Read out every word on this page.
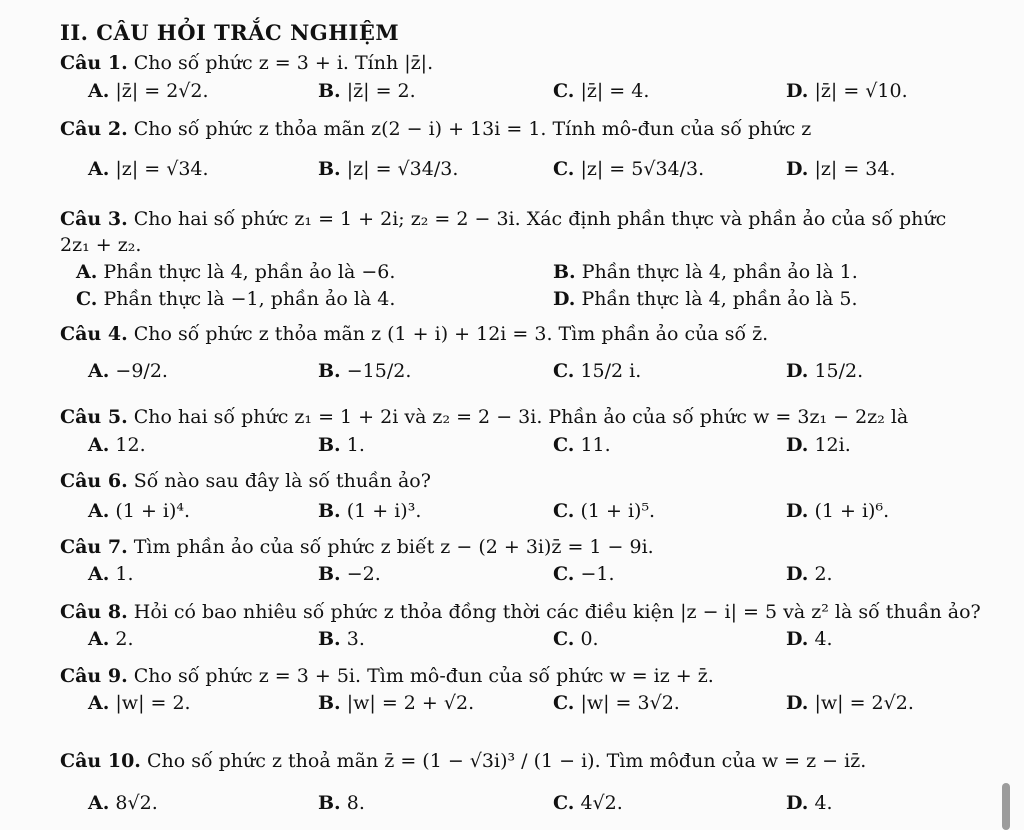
II. CÂU HỎI TRẮC NGHIỆM
Câu 1. Cho số phức z = 3 + i. Tính |z̄|.
A. |z̄| = 2√2.	B. |z̄| = 2.	C. |z̄| = 4.	D. |z̄| = √10.
Câu 2. Cho số phức z thỏa mãn z(2 − i) + 13i = 1. Tính mô-đun của số phức z
A. |z| = √34.	B. |z| = √34/3.	C. |z| = 5√34/3.	D. |z| = 34.
Câu 3. Cho hai số phức z₁ = 1 + 2i; z₂ = 2 − 3i. Xác định phần thực và phần ảo của số phức
2z₁ + z₂.
A. Phần thực là 4, phần ảo là −6.	B. Phần thực là 4, phần ảo là 1.
C. Phần thực là −1, phần ảo là 4.	D. Phần thực là 4, phần ảo là 5.
Câu 4. Cho số phức z thỏa mãn z (1 + i) + 12i = 3. Tìm phần ảo của số z̄.
A. −9/2.	B. −15/2.	C. 15/2 i.	D. 15/2.
Câu 5. Cho hai số phức z₁ = 1 + 2i và z₂ = 2 − 3i. Phần ảo của số phức w = 3z₁ − 2z₂ là
A. 12.	B. 1.	C. 11.	D. 12i.
Câu 6. Số nào sau đây là số thuần ảo?
A. (1 + i)⁴.	B. (1 + i)³.	C. (1 + i)⁵.	D. (1 + i)⁶.
Câu 7. Tìm phần ảo của số phức z biết z − (2 + 3i)z̄ = 1 − 9i.
A. 1.	B. −2.	C. −1.	D. 2.
Câu 8. Hỏi có bao nhiêu số phức z thỏa đồng thời các điều kiện |z − i| = 5 và z² là số thuần ảo?
A. 2.	B. 3.	C. 0.	D. 4.
Câu 9. Cho số phức z = 3 + 5i. Tìm mô-đun của số phức w = iz + z̄.
A. |w| = 2.	B. |w| = 2 + √2.	C. |w| = 3√2.	D. |w| = 2√2.
Câu 10. Cho số phức z thoả mãn z̄ = (1 − √3i)³ / (1 − i). Tìm môđun của w = z − iz̄.
A. 8√2.	B. 8.	C. 4√2.	D. 4.
